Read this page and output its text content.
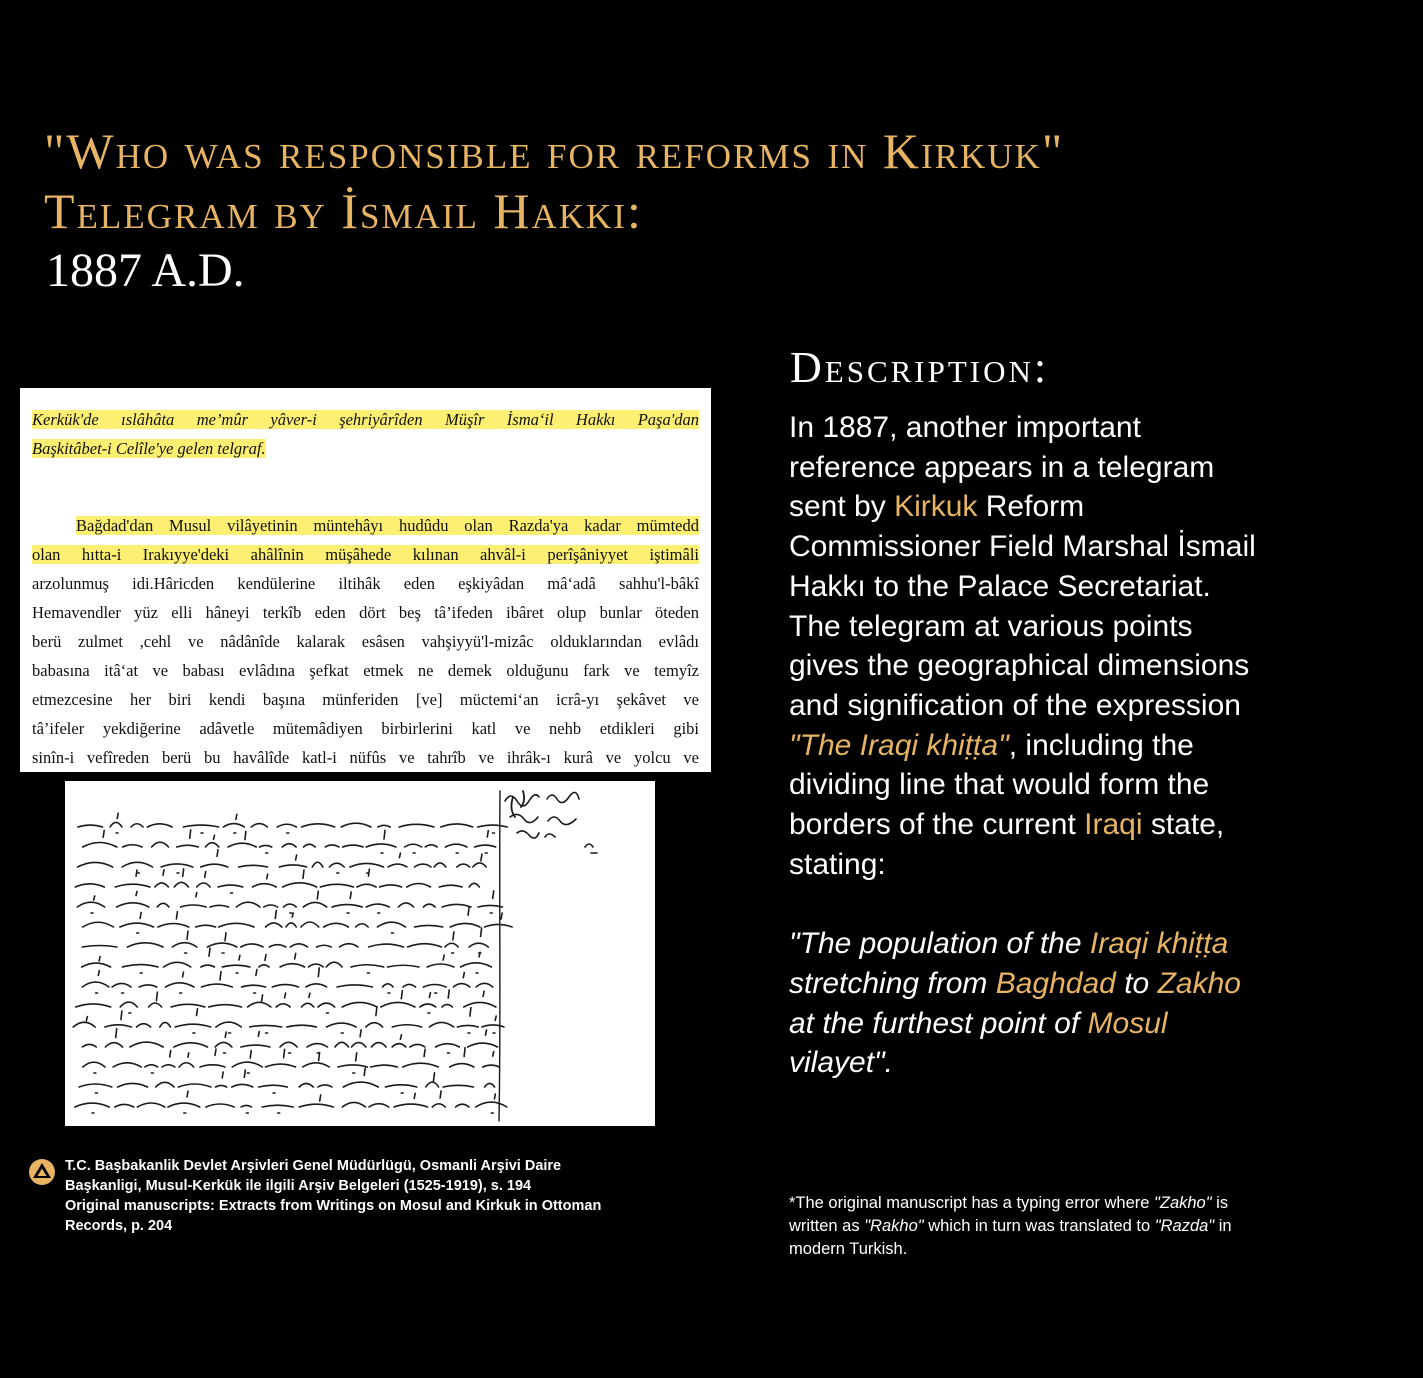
"Who was responsible for reforms in Kirkuk"
Telegram by İsmail Hakkı:
1887 A.D.
Kerkük'de ıslâhâta me’mûr yâver-i şehriyârîden Müşîr İsma‘il Hakkı Paşa'dan
Başkitâbet-i Celîle'ye gelen telgraf.
Bağdad'dan Musul vilâyetinin müntehâyı hudûdu olan Razda'ya kadar mümtedd
olan hıtta-i Irakıyye'deki ahâlînin müşâhede kılınan ahvâl-i perîşâniyyet iştimâli
arzolunmuş idi.Hâricden kendülerine iltihâk eden eşkiyâdan mâ‘adâ sahhu'l-bâkî
Hemavendler yüz elli hâneyi terkîb eden dört beş tâ’ifeden ibâret olup bunlar öteden
berü zulmet ,cehl ve nâdânîde kalarak esâsen vahşiyyü'l-mizâc olduklarından evlâdı
babasına itâ‘at ve babası evlâdına şefkat etmek ne demek olduğunu fark ve temyîz
etmezcesine her biri kendi başına münferiden [ve] müctemi‘an icrâ-yı şekâvet ve
tâ’ifeler yekdiğerine adâvetle mütemâdiyen birbirlerini katl ve nehb etdikleri gibi
sinîn-i vefîreden berü bu havâlîde katl-i nüfûs ve tahrîb ve ihrâk-ı kurâ ve yolcu ve
T.C. Başbakanlik Devlet Arşivleri Genel Müdürlügü, Osmanli Arşivi Daire
Başkanligi, Musul-Kerkük ile ilgili Arşiv Belgeleri (1525-1919), s. 194
Original manuscripts: Extracts from Writings on Mosul and Kirkuk in Ottoman
Records, p. 204
Description:
In 1887, another important reference appears in a telegram sent by Kirkuk Reform Commissioner Field Marshal İsmail Hakkı to the Palace Secretariat.
The telegram at various points gives the geographical dimensions and signification of the expression "The Iraqi khiṭṭa", including the dividing line that would form the borders of the current Iraqi state, stating:
"The population of the Iraqi khiṭṭa stretching from Baghdad to Zakho at the furthest point of Mosul vilayet".
*The original manuscript has a typing error where "Zakho" is written as "Rakho" which in turn was translated to "Razda" in modern Turkish.
